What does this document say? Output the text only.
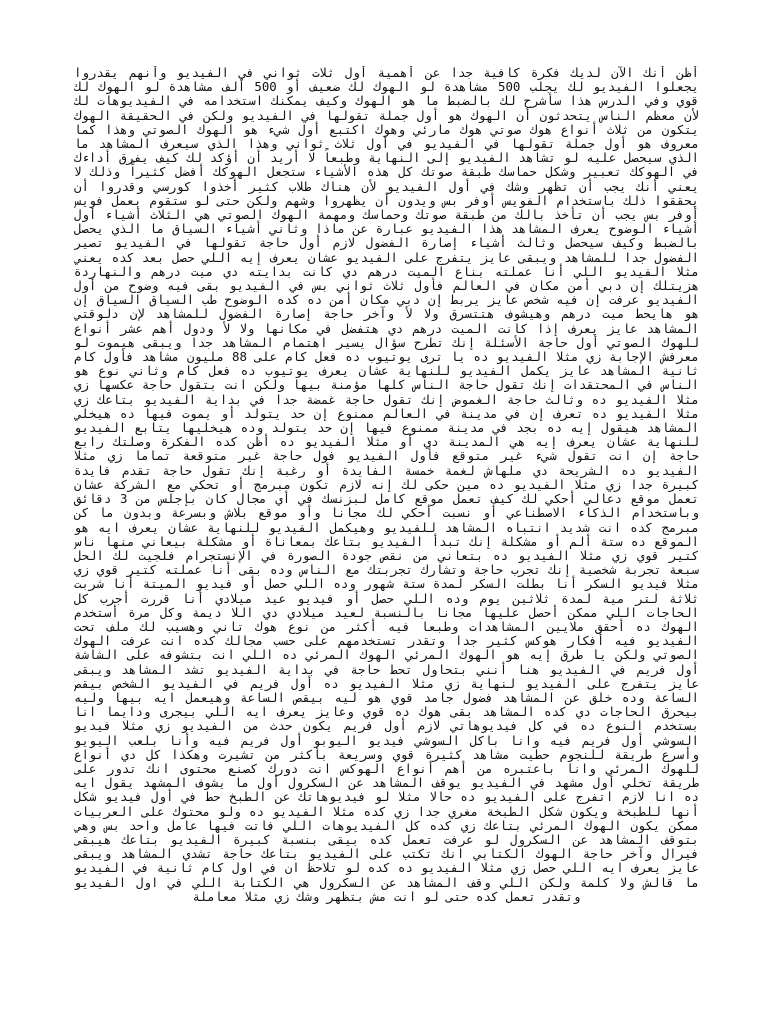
أظن أنك الآن لديك فكرة كافية جداً عن أهمية أول ثلات ثواني في الفيديو وأنهم يقدروا يجعلوا الفيديو لك يجلب 500 مشاهدة لو الهوك لك ضعيف أو 500 ألف مشاهدة لو الهوك لك قوي وفي الدرس هذا سأشرح لك بالضبط ما هو الهوك وكيف يمكنك استخدامه في الفيديوهات لك لأن معظم الناس يتحدثون أن الهوك هو أول جملة تقولها في الفيديو ولكن في الحقيقة الهوك يتكون من ثلاث أنواع هوك صوتي هوك مارئي وهوك اكتبع أول شيء هو الهوك الصوتي وهذا كما معروف هو أول جملة تقولها في الفيديو في أول ثلاث ثواني وهذا الذي سيعرف المشاهد ما الذي سيحصل عليه لو تشاهد الفيديو إلى النهاية وطبعاً لا أريد أن أؤكد لك كيف يفرق أداءك في الهوكك تعبير وشكل حماسك طبقة صوتك كل هذه الأشياء ستجعل الهوكك أفضل كثيراً وذلك لا يعني أنك يجب أن تظهر وشك في أول الفيديو لأن هناك طلاب كثير أخذوا كورسي وقدروا أن يحققوا ذلك باستخدام الفويس أوفر بس ويدون أن يظهروا وشهم ولكن حتى لو ستقوم بعمل فويس أوفر بس يجب أن تأخذ بالك من طبقة صوتك وحماسك ومهمة الهوك الصوتي هي الثلاث أشياء أول أشياء الوضوح يعرف المشاهد هذا الفيديو عبارة عن ماذا وثاني أشياء السياق ما الذي يحصل بالضبط وكيف سيحصل وثالث أشياء إصارة الفضول لازم أول حاجة تقولها في الفيديو تصير الفضول جدا للمشاهد ويبقى عايز يتفرج على الفيديو عشان يعرف إيه اللي حصل بعد كده يعني مثلا الفيديو اللي أنا عملته بناع الميت درهم دي كانت بدايته دي ميت درهم والنهاردة هزيتلك إن دبي أمن مكان في العالم فأول ثلاث ثواني بس في الفيديو بقى فيه وضوح من أول الفيديو عرفت إن فيه شخص عايز يربط إن دبي مكان أمن ده كده الوضوح طب السياق السياق إن هو هايحط ميت درهم وهيشوف هتتسرق ولا لأ وآخر حاجة إصارة الفضول للمشاهد لإن دلوقتي المشاهد عايز يعرف إذا كانت الميت درهم دي هتفضل في مكانها ولا لأ ودول أهم عشر أنواع للهوك الصوتي أول حاجة الأسئلة إنك تطرح سؤال يسير اهتمام المشاهد جدا ويبقى هيموت لو معرفش الإجابة زي مثلا الفيديو ده يا ترى يوتيوب ده فعل كام على 88 مليون مشاهد فأول كام ثانية المشاهد عايز يكمل الفيديو للنهاية عشان يعرف يوتيوب ده فعل كام وثاني نوع هو الناس في المحتقدات إنك تقول حاجة الناس كلها مؤمنة بيها ولكن انت بتقول حاجة عكسها زي مثلا الفيديو ده وثالث حاجة الغموض إنك تقول حاجة غمضة جدا في بداية الفيديو بتاعك زي مثلا الفيديو ده تعرف إن في مدينة في العالم ممنوع إن حد يتولد أو يموت فيها ده هيخلي المشاهد هيقول إيه ده بجد في مدينة ممنوع فيها إن حد يتولد وده هيخليها يتابع الفيديو للنهاية عشان يعرف إيه هي المدينة دي أو مثلا الفيديو ده أظن كده الفكرة وصلتك رابع حاجة إن انت تقول شيء غير متوقع فأول الفيديو فول حاجة غير متوقعة تماما زي مثلا الفيديو ده الشريحة دي ملهاش لغمة خمسة الفايدة أو رغبة إنك تقول حاجة تقدم فايدة كبيرة جدا زي مثلا الفيديو ده مين حكى لك إنه لازم تكون مبرمج أو تحكي مع الشركة عشان تعمل موقع دعالي أحكي لك كيف تعمل موقع كامل لبزنسك في أي مجال كان بإجلس من 3 دقائق وباستخدام الذكاء الاصطناعي أو نسبت أحكي لك مجانا وأو موقع بلاش وبسرعة وبدون ما كن مبرمج كده انت شديد انتباه المشاهد للفيديو وهيكمل الفيديو للنهاية عشان يعرف ايه هو الموقع ده ستة ألم أو مشكلة إنك تبدأ الفيديو بتاعك بمعاناة أو مشكلة بيعاني منها ناس كتير قوي زي مثلا الفيديو ده بتعاني من نقص جودة الصورة في الإنستجرام فلجيت لك الحل سبعة تجربة شخصية إنك تجرب حاجة وتشارك تجربتك مع الناس وده بقى أنا عملته كتير قوي زي مثلا فيديو السكر أنا بطلت السكر لمدة ستة شهور وده اللي حصل أو فيديو الميتة أنا شربت ثلاثة لتر مية لمدة ثلاثين يوم وده اللي حصل أو فيديو عيد ميلادي أنا قررت أجرب كل الحاجات اللي ممكن أحصل عليها مجانا بالنسبة لعيد ميلادي دي اللا ديمة وكل مرة أستخدم الهوك ده أحقق ملايين المشاهدات وطبعا فيه أكثر من نوع هوك تاني وهسيب لك ملف تحت الفيديو فيه أفكار هوكس كثير جدا وتقدر تستخدمهم على حسب مجالك كده انت عرفت الهوك الصوتي ولكن يا طرق إيه هو الهوك المرئي الهوك المرئي ده اللي انت بتشوفه على الشاشة أول فريم في الفيديو هنا أنني بتحاول تحط حاجة في بداية الفيديو تشد المشاهد ويبقى عايز يتفرج على الفيديو لنهاية زي مثلا الفيديو ده أول فريم في الفيديو الشخص بيقص الساعة وده خلق عن المشاهد فضول جامد قوي هو ليه بيقص الساعة وهيعمل ايه بيها وليه بيحرق الحاجات دي كده المشاهد بقى هوك ده قوي وعايز يعرف ايه اللي بيجرى ودايما انا بستخدم النوع ده في كل فيديوهاتي لازم أول فريم يكون حدث من الفيديو زي مثلا فيديو السوشي أول فريم فيه وانا باكل السوشي فيديو اليوبو أول فريم فيه وأنا بلعب اليويو وأسرع طريقة للنجوم حطيت مشاهد كثيرة قوي وسريعة بأكثر من تشيرت وهكذا كل دي أنواع للهوك المرئي وانا باعتبره من أهم أنواع الهوكس انت دورك كصنع محتوى انك تدور على طريقة تخلي أول مشهد في الفيديو يوقف المشاهد عن السكرول أول ما يشوف المشهد يقول ايه ده انا لازم اتفرج على الفيديو ده حالا مثلا لو فيديوهاتك عن الطبخ حط في أول فيديو شكل أنها للطبخة ويكون شكل الطبخة مغري جدا زي كده مثلا الفيديو ده ولو محتوك على العربيات ممكن يكون الهوك المرئي بتاعك زي كده كل الفيديوهات اللي فاتت فيها عامل واحد بس وهي بتوقف المشاهد عن السكرول لو عرفت تعمل كده بيقى بنسبة كبيرة الفيديو بتاعك هيبقى فيرال وآخر حاجة الهوك الكتابي انك تكتب على الفيديو بتاعك حاجة تشدي المشاهد ويبقى عايز يعرف ايه اللي حصل زي مثلا الفيديو ده كده لو تلاحظ ان في اول كام ثانية في الفيديو ما قالش ولا كلمة ولكن اللي وقف المشاهد عن السكرول هي الكتابة اللي في اول الفيديو وتقدر تعمل كده حتى لو انت مش بتظهر وشك زي مثلا معاملة
